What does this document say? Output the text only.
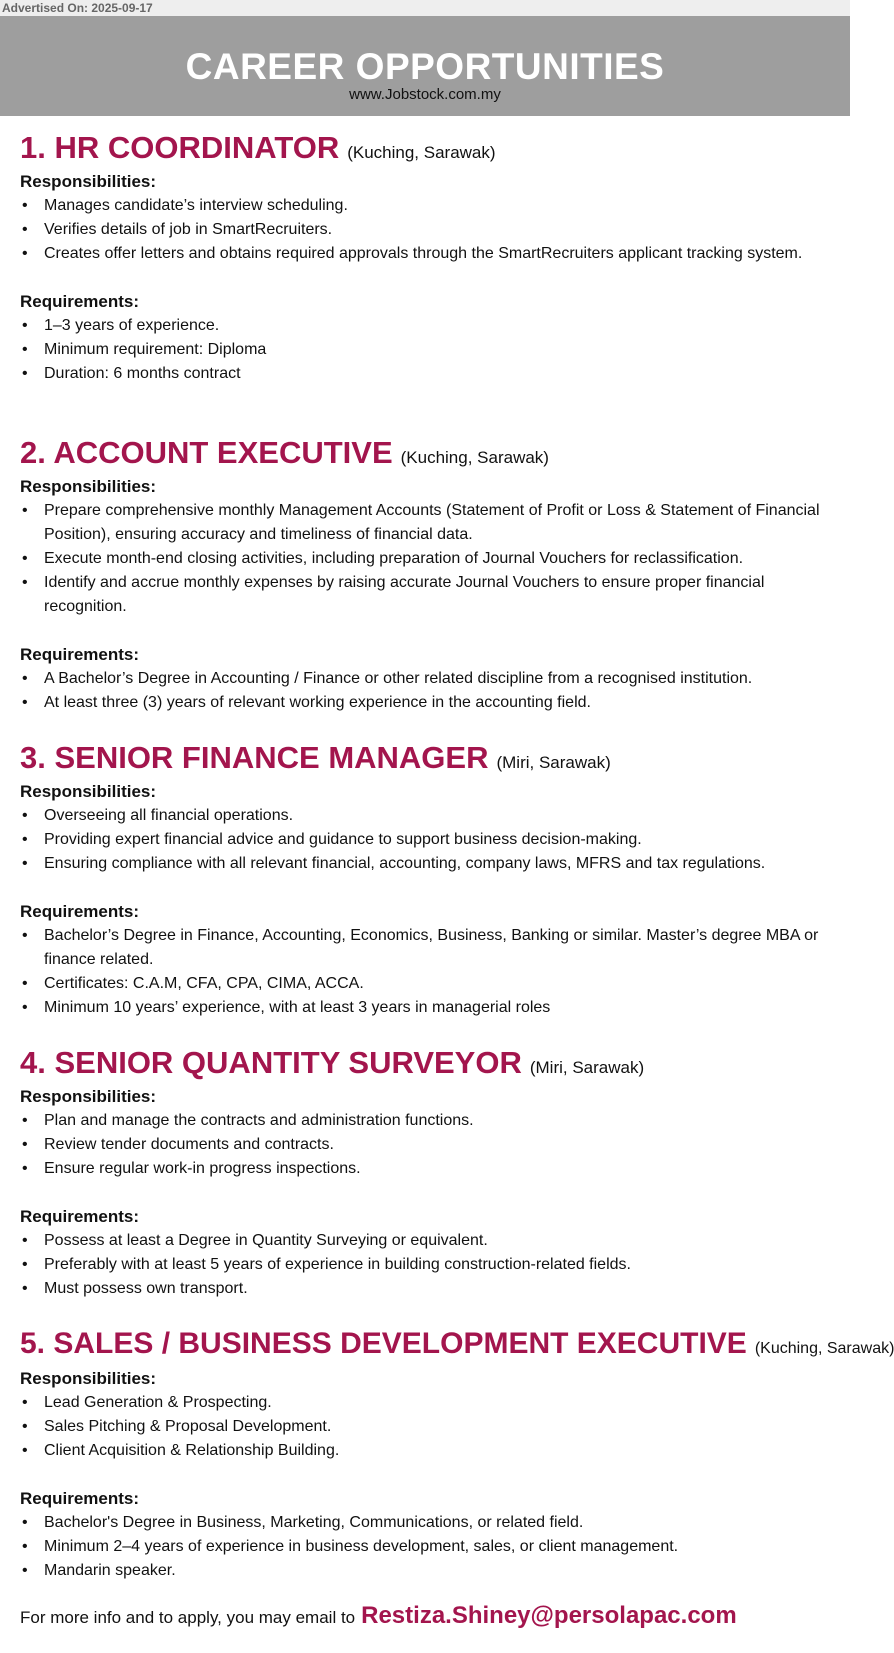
Advertised On: 2025-09-17
CAREER OPPORTUNITIES
www.Jobstock.com.my
1. HR COORDINATOR (Kuching, Sarawak)
Responsibilities:
• Manages candidate’s interview scheduling.
• Verifies details of job in SmartRecruiters.
• Creates offer letters and obtains required approvals through the SmartRecruiters applicant tracking system.
Requirements:
• 1–3 years of experience.
• Minimum requirement: Diploma
• Duration: 6 months contract
2. ACCOUNT EXECUTIVE (Kuching, Sarawak)
Responsibilities:
• Prepare comprehensive monthly Management Accounts (Statement of Profit or Loss & Statement of Financial Position), ensuring accuracy and timeliness of financial data.
• Execute month-end closing activities, including preparation of Journal Vouchers for reclassification.
• Identify and accrue monthly expenses by raising accurate Journal Vouchers to ensure proper financial recognition.
Requirements:
• A Bachelor’s Degree in Accounting / Finance or other related discipline from a recognised institution.
• At least three (3) years of relevant working experience in the accounting field.
3. SENIOR FINANCE MANAGER (Miri, Sarawak)
Responsibilities:
• Overseeing all financial operations.
• Providing expert financial advice and guidance to support business decision-making.
• Ensuring compliance with all relevant financial, accounting, company laws, MFRS and tax regulations.
Requirements:
• Bachelor’s Degree in Finance, Accounting, Economics, Business, Banking or similar. Master’s degree MBA or finance related.
• Certificates: C.A.M, CFA, CPA, CIMA, ACCA.
• Minimum 10 years’ experience, with at least 3 years in managerial roles
4. SENIOR QUANTITY SURVEYOR (Miri, Sarawak)
Responsibilities:
• Plan and manage the contracts and administration functions.
• Review tender documents and contracts.
• Ensure regular work-in progress inspections.
Requirements:
• Possess at least a Degree in Quantity Surveying or equivalent.
• Preferably with at least 5 years of experience in building construction-related fields.
• Must possess own transport.
5. SALES / BUSINESS DEVELOPMENT EXECUTIVE (Kuching, Sarawak)
Responsibilities:
• Lead Generation & Prospecting.
• Sales Pitching & Proposal Development.
• Client Acquisition & Relationship Building.
Requirements:
• Bachelor's Degree in Business, Marketing, Communications, or related field.
• Minimum 2–4 years of experience in business development, sales, or client management.
• Mandarin speaker.
For more info and to apply, you may email to Restiza.Shiney@persolapac.com
